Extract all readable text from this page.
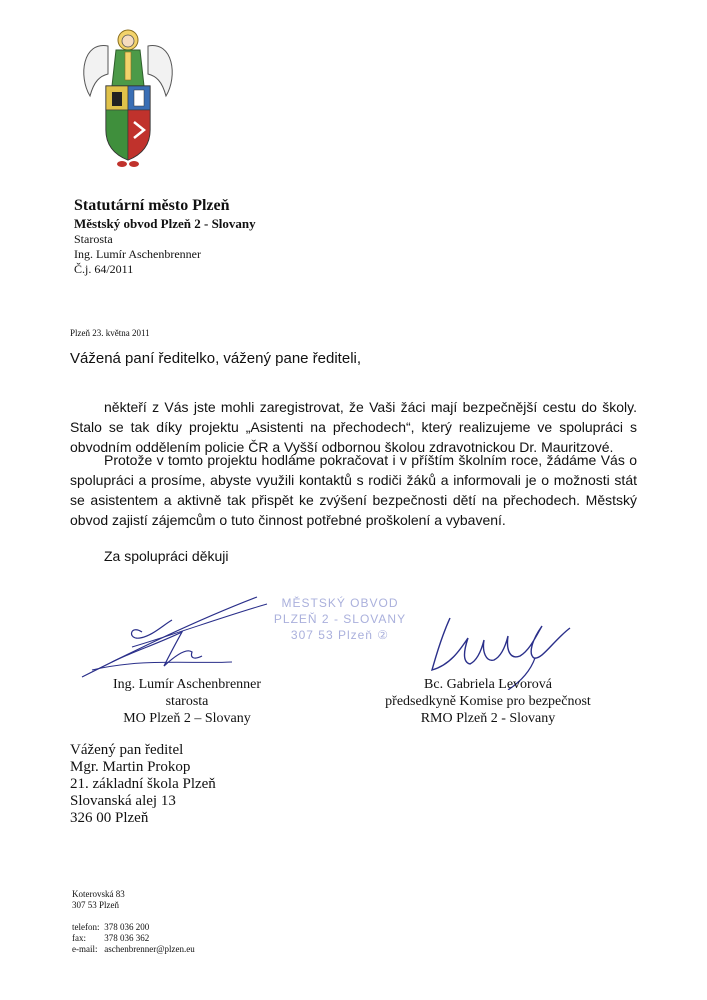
Statutární město Plzeň
Městský obvod Plzeň 2 - Slovany
Starosta
Ing. Lumír Aschenbrenner
Č.j. 64/2011
Plzeň 23. května 2011
Vážená paní ředitelko, vážený pane řediteli,
někteří z Vás jste mohli zaregistrovat, že Vaši žáci mají bezpečnější cestu do školy. Stalo se tak díky projektu „Asistenti na přechodech“, který realizujeme ve spolupráci s obvodním oddělením policie ČR a Vyšší odbornou školou zdravotnickou Dr. Mauritzové.
Protože v tomto projektu hodláme pokračovat i v příštím školním roce, žádáme Vás o spolupráci a prosíme, abyste využili kontaktů s rodiči žáků a informovali je o možnosti stát se asistentem a aktivně tak přispět ke zvýšení bezpečnosti dětí na přechodech. Městský obvod zajistí zájemcům o tuto činnost potřebné proškolení a vybavení.
Za spolupráci děkuji
MĚSTSKÝ OBVOD
PLZEŇ 2 - SLOVANY
307 53 Plzeň ②
Ing. Lumír Aschenbrenner
starosta
MO Plzeň 2 – Slovany
Bc. Gabriela Levorová
předsedkyně Komise pro bezpečnost
RMO Plzeň 2 - Slovany
Vážený pan ředitel
Mgr. Martin Prokop
21. základní škola Plzeň
Slovanská alej 13
326 00 Plzeň
Koterovská 83
307 53 Plzeň
telefon: 378 036 200
fax: 378 036 362
e-mail: aschenbrenner@plzen.eu
